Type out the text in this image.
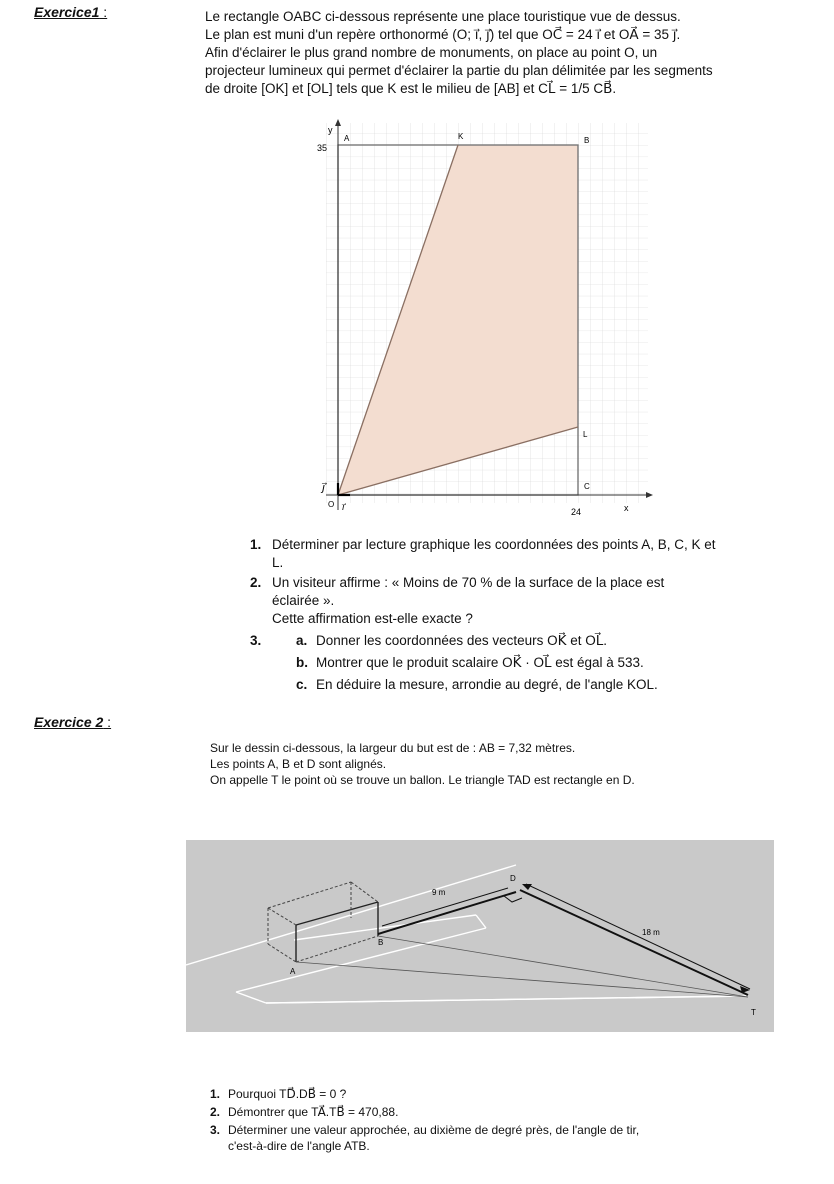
Exercice1 :	Le rectangle OABC ci-dessous représente une place touristique vue de dessus.
Le plan est muni d'un repère orthonormé (O; i⃗, j⃗) tel que OC⃗ = 24 i⃗ et OA⃗ = 35 j⃗.
Afin d'éclairer le plus grand nombre de monuments, on place au point O, un
projecteur lumineux qui permet d'éclairer la partie du plan délimitée par les segments
de droite [OK] et [OL] tels que K est le milieu de [AB] et CL⃗ = 1/5 CB⃗.
y
35
A	K	B
L
j⃗
O i⃗
C
24	x
1. Déterminer par lecture graphique les coordonnées des points A, B, C, K et
L.
2. Un visiteur affirme : « Moins de 70 % de la surface de la place est
éclairée ».
Cette affirmation est-elle exacte ?
3.	a. Donner les coordonnées des vecteurs OK⃗ et OL⃗.
b. Montrer que le produit scalaire OK⃗ · OL⃗ est égal à 533.
c. En déduire la mesure, arrondie au degré, de l'angle KOL.
Exercice 2 :
Sur le dessin ci-dessous, la largeur du but est de : AB = 7,32 mètres.
Les points A, B et D sont alignés.
On appelle T le point où se trouve un ballon. Le triangle TAD est rectangle en D.
9 m
18 m
D
B
A
T
1. Pourquoi TD⃗.DB⃗ = 0 ?
2. Démontrer que TA⃗.TB⃗ = 470,88.
3. Déterminer une valeur approchée, au dixième de degré près, de l'angle de tir,
c'est-à-dire de l'angle ATB.
